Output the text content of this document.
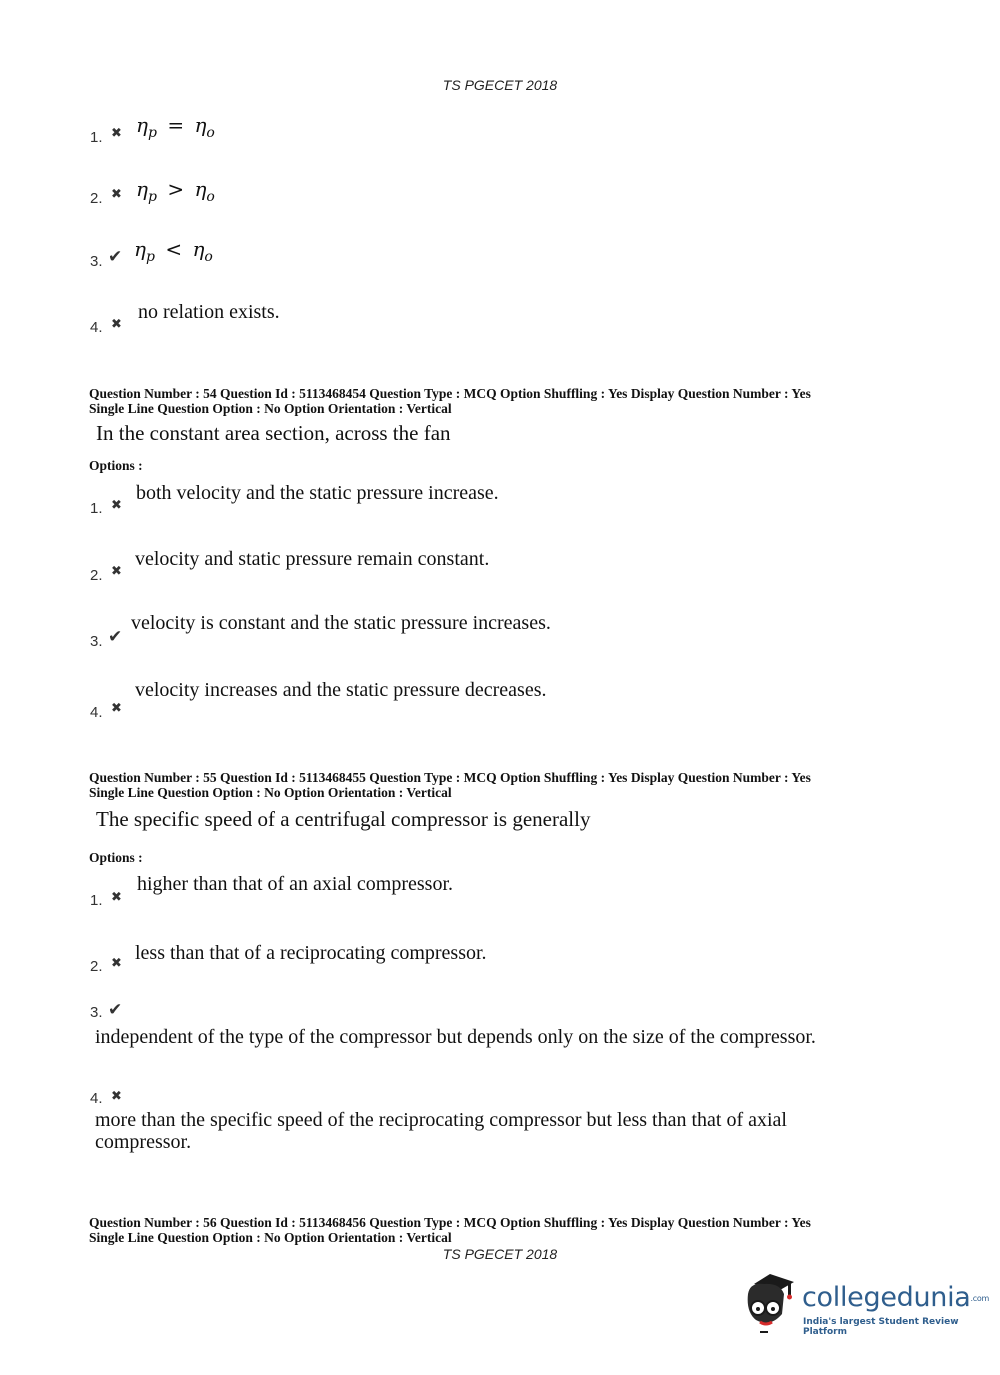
TS PGECET 2018
1. ✖ $\eta_p = \eta_o$
2. ✖ $\eta_p > \eta_o$
3. ✔ $\eta_p < \eta_o$
4. ✖
no relation exists.
Question Number : 54 Question Id : 5113468454 Question Type : MCQ Option Shuffling : Yes Display Question Number : Yes
Single Line Question Option : No Option Orientation : Vertical
In the constant area section, across the fan
Options :
1. ✖
both velocity and the static pressure increase.
2. ✖
velocity and static pressure remain constant.
3. ✔
velocity is constant and the static pressure increases.
4. ✖
velocity increases and the static pressure decreases.
Question Number : 55 Question Id : 5113468455 Question Type : MCQ Option Shuffling : Yes Display Question Number : Yes
Single Line Question Option : No Option Orientation : Vertical
The specific speed of a centrifugal compressor is generally
Options :
1. ✖
higher than that of an axial compressor.
2. ✖ less than that of a reciprocating compressor.
3. ✔
independent of the type of the compressor but depends only on the size of the compressor.
4. ✖
more than the specific speed of the reciprocating compressor but less than that of axial
compressor.
Question Number : 56 Question Id : 5113468456 Question Type : MCQ Option Shuffling : Yes Display Question Number : Yes
Single Line Question Option : No Option Orientation : Vertical
TS PGECET 2018
collegedunia.com
India's largest Student Review Platform
